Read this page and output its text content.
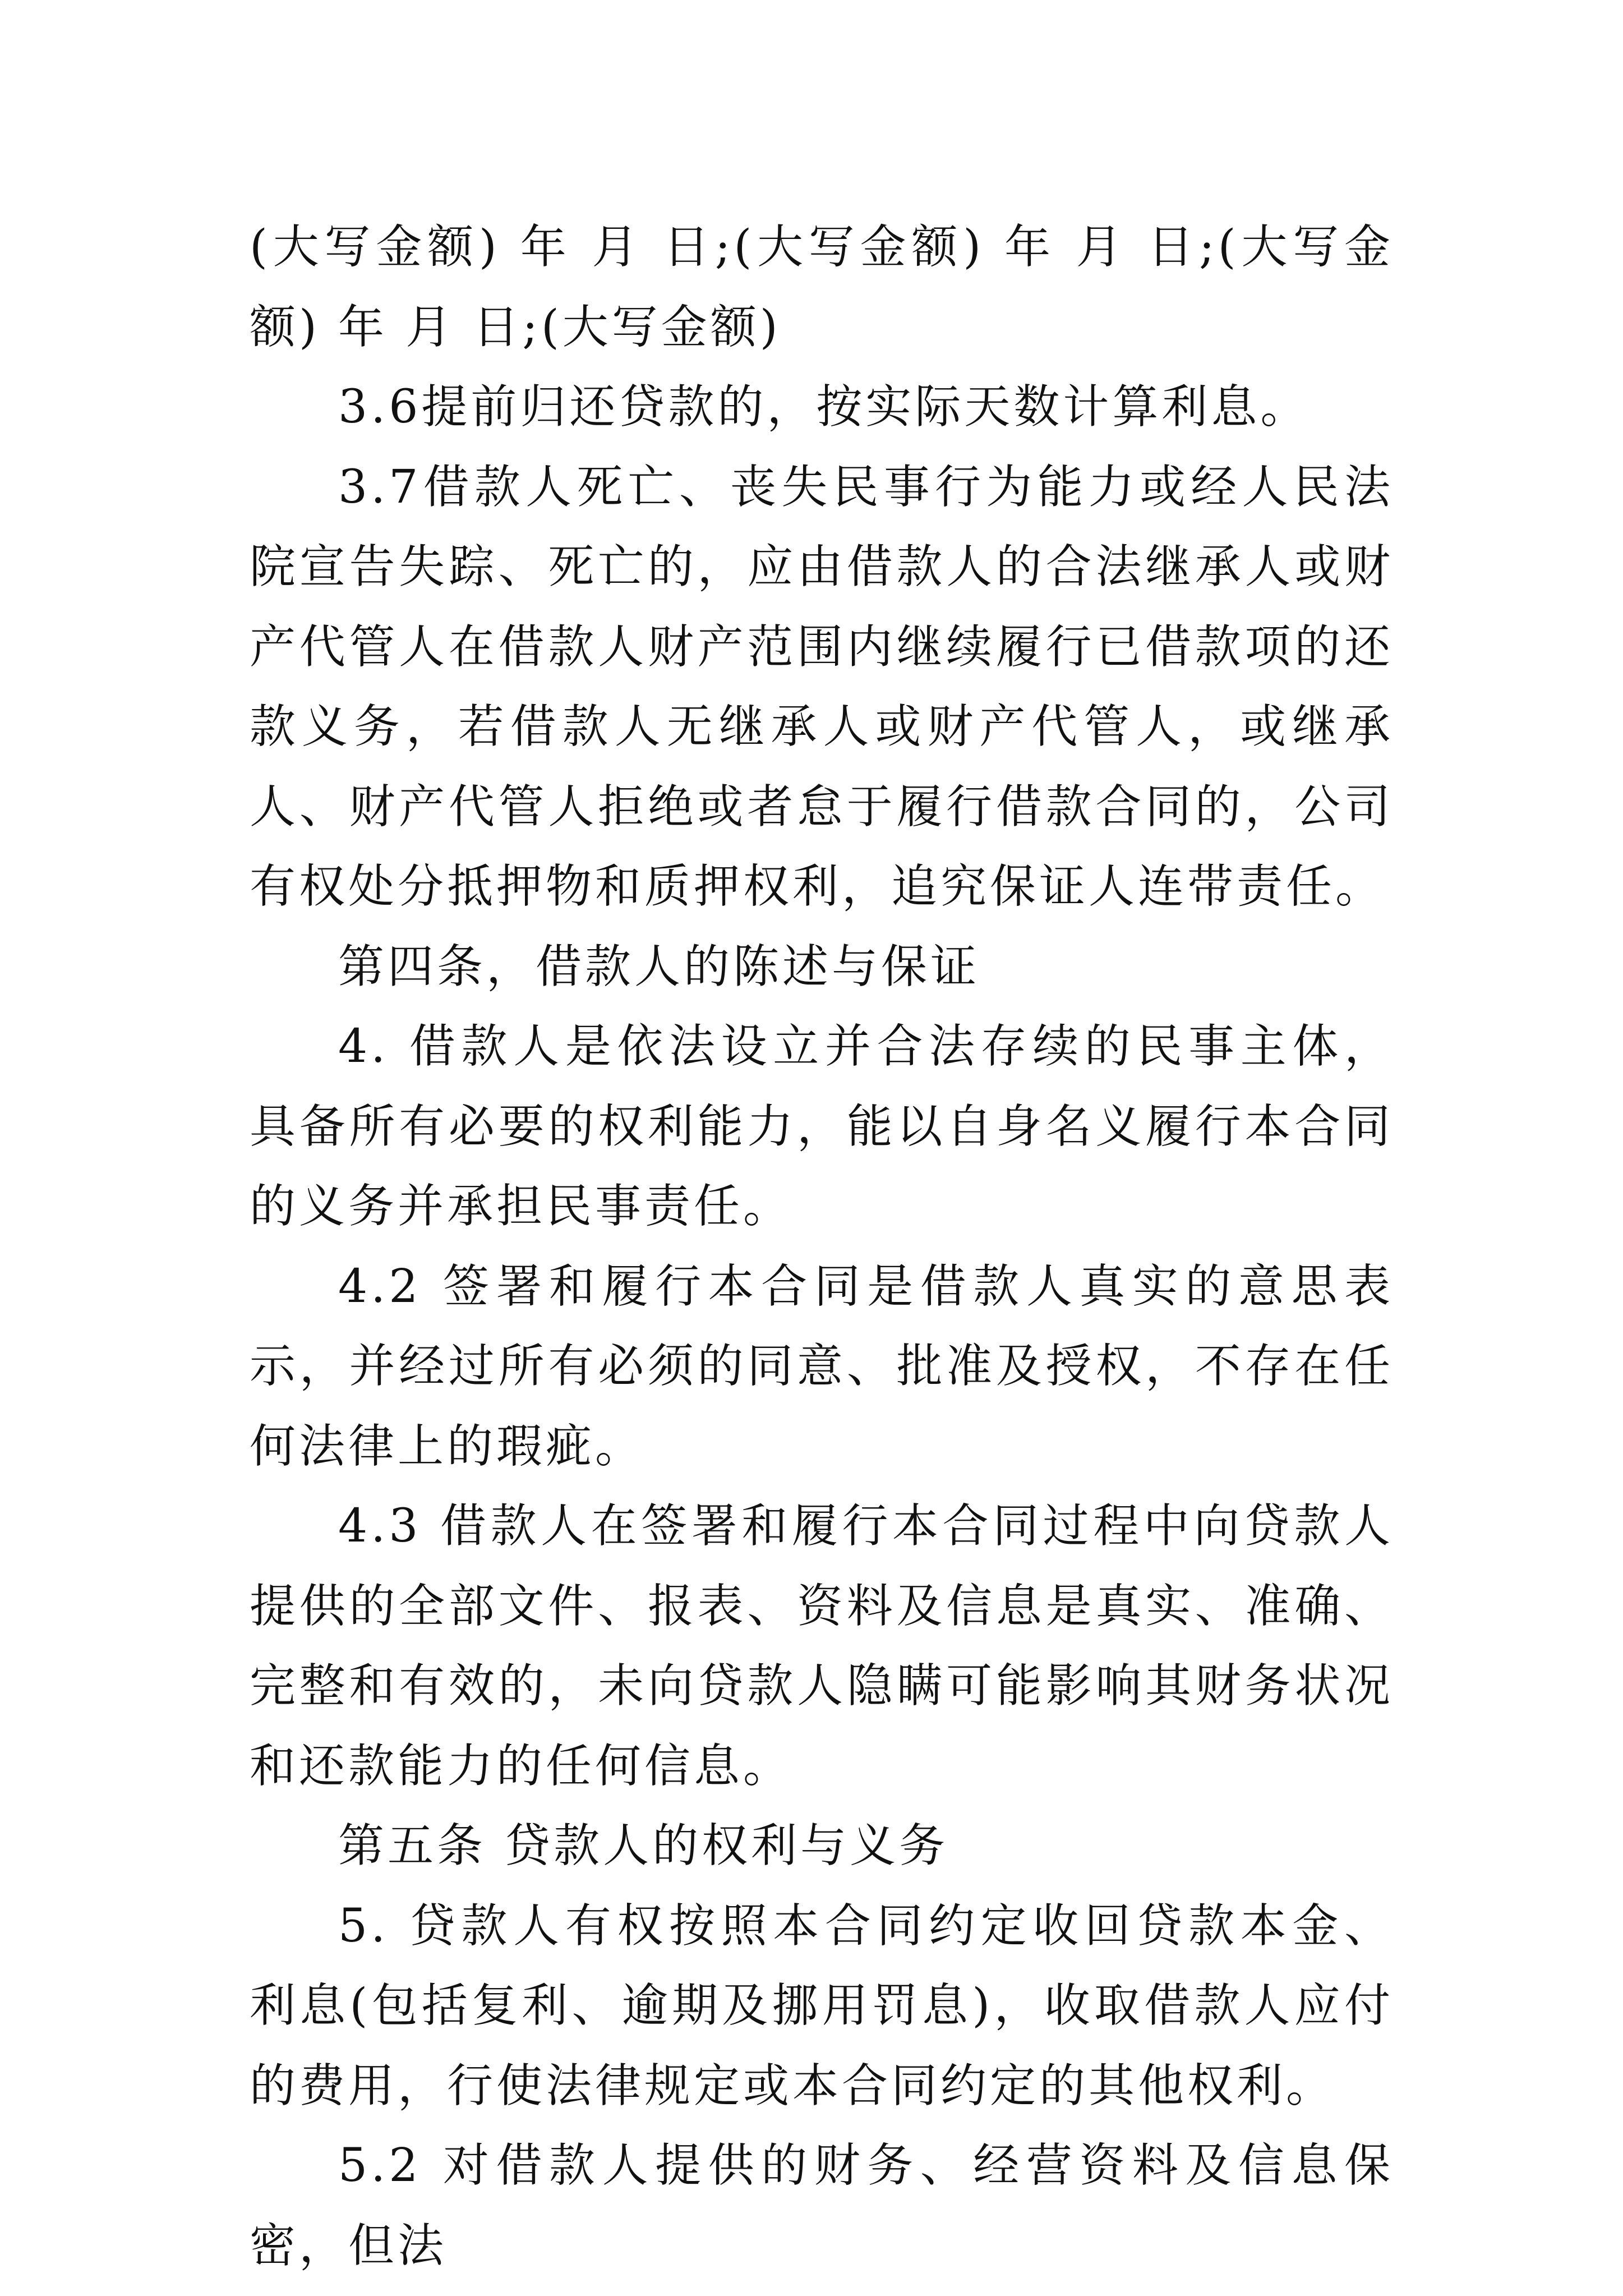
(大写金额) 年 月 日;(大写金额) 年 月 日;(大写金额) 年 月 日;(大写金额)

3.6提前归还贷款的，按实际天数计算利息。

3.7借款人死亡、丧失民事行为能力或经人民法院宣告失踪、死亡的，应由借款人的合法继承人或财产代管人在借款人财产范围内继续履行已借款项的还款义务，若借款人无继承人或财产代管人，或继承人、财产代管人拒绝或者怠于履行借款合同的，公司有权处分抵押物和质押权利，追究保证人连带责任。

第四条，借款人的陈述与保证

4. 借款人是依法设立并合法存续的民事主体，具备所有必要的权利能力，能以自身名义履行本合同的义务并承担民事责任。

4.2 签署和履行本合同是借款人真实的意思表示，并经过所有必须的同意、批准及授权，不存在任何法律上的瑕疵。

4.3 借款人在签署和履行本合同过程中向贷款人提供的全部文件、报表、资料及信息是真实、准确、完整和有效的，未向贷款人隐瞒可能影响其财务状况和还款能力的任何信息。

第五条 贷款人的权利与义务

5. 贷款人有权按照本合同约定收回贷款本金、利息(包括复利、逾期及挪用罚息)，收取借款人应付的费用，行使法律规定或本合同约定的其他权利。

5.2 对借款人提供的财务、经营资料及信息保密，但法
